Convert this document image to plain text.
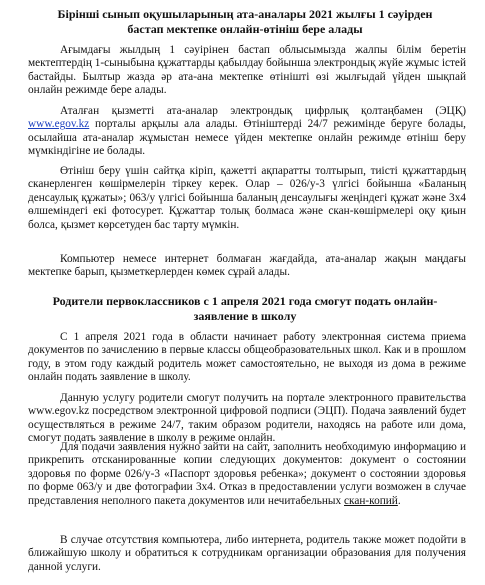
Бірінші сынып оқушыларының ата-аналары 2021 жылғы 1 сәуірден бастап мектепке онлайн-өтініш бере алады

Ағымдағы жылдың 1 сәуірінен бастап облысымызда жалпы білім беретін мектептердің 1-сыныбына құжаттарды қабылдау бойынша электрондық жүйе жұмыс істей бастайды. Былтыр жазда әр ата-ана мектепке өтінішті өзі жылғыдай үйден шықпай онлайн режимде бере алады.

Аталған қызметті ата-аналар электрондық цифрлық қолтаңбамен (ЭЦҚ) www.egov.kz порталы арқылы ала алады. Өтініштерді 24/7 режимінде беруге болады, осылайша ата-аналар жұмыстан немесе үйден мектепке онлайн режимде өтініш беру мүмкіндігіне ие болады.

Өтініш беру үшін сайтқа кіріп, қажетті ақпаратты толтырып, тиісті құжаттардың сканерленген көшірмелерін тіркеу керек. Олар – 026/у-3 үлгісі бойынша «Баланың денсаулық құжаты»; 063/у үлгісі бойынша баланың денсаулығы жеңіндегі құжат және 3х4 өлшеміндегі екі фотосурет. Құжаттар толық болмаса және скан-көшірмелері оқу қиын болса, қызмет көрсетуден бас тарту мүмкін.

Компьютер немесе интернет болмаған жағдайда, ата-аналар жақын маңдағы мектепке барып, қызметкерлерден көмек сұрай алады.

Родители первоклассников с 1 апреля 2021 года смогут подать онлайн-заявление в школу

С 1 апреля 2021 года в области начинает работу электронная система приема документов по зачислению в первые классы общеобразовательных школ. Как и в прошлом году, в этом году каждый родитель может самостоятельно, не выходя из дома в режиме онлайн подать заявление в школу.

Данную услугу родители смогут получить на портале электронного правительства www.egov.kz посредством электронной цифровой подписи (ЭЦП). Подача заявлений будет осуществляться в режиме 24/7, таким образом родители, находясь на работе или дома, смогут подать заявление в школу в режиме онлайн.

Для подачи заявления нужно зайти на сайт, заполнить необходимую информацию и прикрепить отсканированные копии следующих документов: документ о состоянии здоровья по форме 026/у-3 «Паспорт здоровья ребенка»; документ о состоянии здоровья по форме 063/у и две фотографии 3х4. Отказ в предоставлении услуги возможен в случае представления неполного пакета документов или нечитабельных скан-копий.

В случае отсутствия компьютера, либо интернета, родитель также может подойти в ближайшую школу и обратиться к сотрудникам организации образования для получения данной услуги.
